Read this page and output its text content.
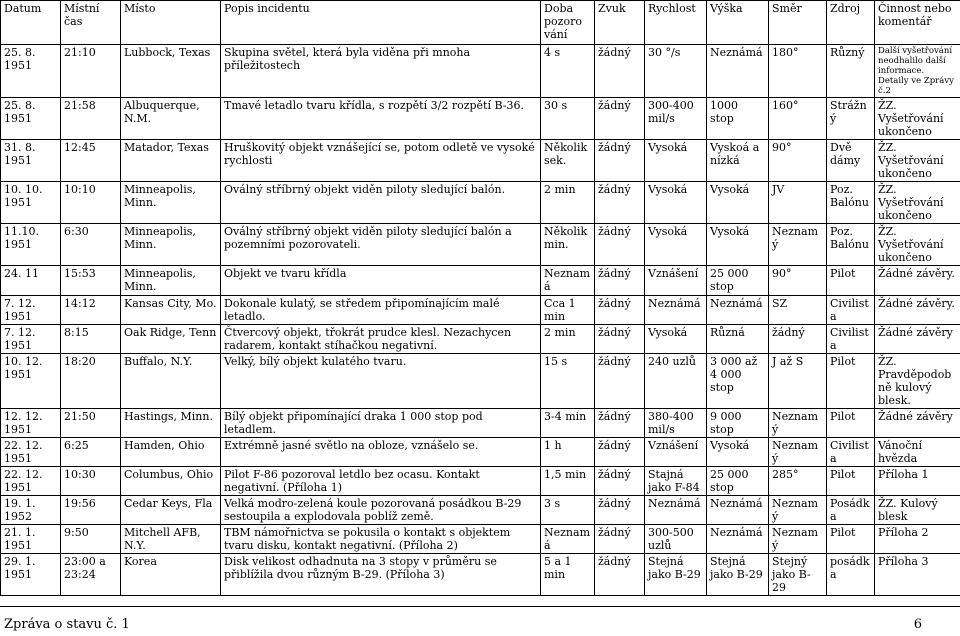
Datum	Místní čas	Místo	Popis incidentu	Doba pozoro vání	Zvuk	Rychlost	Výška	Směr	Zdroj	Činnost nebo komentář
25. 8. 1951	21:10	Lubbock, Texas	Skupina světel, která byla viděna při mnoha příležitostech	4 s	žádný	30 °/s	Neznámá	180°	Různý	Další vyšetřování neodhalilo další informace. Detaily ve Zprávy č.2
25. 8. 1951	21:58	Albuquerque, N.M.	Tmavé letadlo tvaru křídla, s rozpětí 3/2 rozpětí B-36.	30 s	žádný	300-400 mil/s	1000 stop	160°	Strážný	ŽZ. Vyšetřování ukončeno
31. 8. 1951	12:45	Matador, Texas	Hruškovitý objekt vznášející se, potom odletě ve vysoké rychlosti	Několik sek.	žádný	Vysoká	Vyskoá a nízká	90°	Dvě dámy	ŽZ. Vyšetřování ukončeno
10. 10. 1951	10:10	Minneapolis, Minn.	Oválný stříbrný objekt viděn piloty sledující balón.	2 min	žádný	Vysoká	Vysoká	JV	Poz. Balónu	ŽZ. Vyšetřování ukončeno
11.10. 1951	6:30	Minneapolis, Minn.	Oválný stříbrný objekt viděn piloty sledující balón a pozemními pozorovateli.	Několik min.	žádný	Vysoká	Vysoká	Neznamý	Poz. Balónu	ŽZ. Vyšetřování ukončeno
24. 11	15:53	Minneapolis, Minn.	Objekt ve tvaru křídla	Neznamá	žádný	Vznášení	25 000 stop	90°	Pilot	Žádné závěry.
7. 12. 1951	14:12	Kansas City, Mo.	Dokonale kulatý, se středem připomínajícím malé letadlo.	Cca 1 min	žádný	Neznámá	Neznámá	SZ	Civilista	Žádné závěry.
7. 12. 1951	8:15	Oak Ridge, Tenn	Čtvercový objekt, třokrát prudce klesl. Nezachycen radarem, kontakt stíhačkou negativní.	2 min	žádný	Vysoká	Různá	žádný	Civilista	Žádné závěry
10. 12. 1951	18:20	Buffalo, N.Y.	Velký, bílý objekt kulatého tvaru.	15 s	žádný	240 uzlů	3 000 až 4 000 stop	J až S	Pilot	ŽZ. Pravděpodobně kulový blesk.
12. 12. 1951	21:50	Hastings, Minn.	Bílý objekt připomínající draka 1 000 stop pod letadlem.	3-4 min	žádný	380-400 mil/s	9 000 stop	Neznamý	Pilot	Žádné závěry
22. 12. 1951	6:25	Hamden, Ohio	Extrémně jasné světlo na obloze, vznášelo se.	1 h	žádný	Vznášení	Vysoká	Neznamý	Civilista	Vánoční hvězda
22. 12. 1951	10:30	Columbus, Ohio	Pilot F-86 pozoroval letdlo bez ocasu. Kontakt negativní. (Příloha 1)	1,5 min	žádný	Stajná jako F-84	25 000 stop	285°	Pilot	Příloha 1
19. 1. 1952	19:56	Cedar Keys, Fla	Velká modro-zelená koule pozorovaná posádkou B-29 sestoupila a explodovala poblíž země.	3 s	žádný	Neznámá	Neznámá	Neznamý	Posádka	ŽZ. Kulový blesk
21. 1. 1951	9:50	Mitchell AFB, N.Y.	TBM námořnictva se pokusila o kontakt s objektem tvaru disku, kontakt negativní. (Příloha 2)	Neznamá	žádný	300-500 uzlů	Neznámá	Neznamý	Pilot	Příloha 2
29. 1. 1951	23:00 a 23:24	Korea	Disk velikost odhadnuta na 3 stopy v průměru se přiblížila dvou různým B-29. (Příloha 3)	5 a 1 min	žádný	Stejná jako B-29	Stejná jako B-29	Stejný jako B-29	posádka	Příloha 3
Zpráva o stavu č. 1	6
